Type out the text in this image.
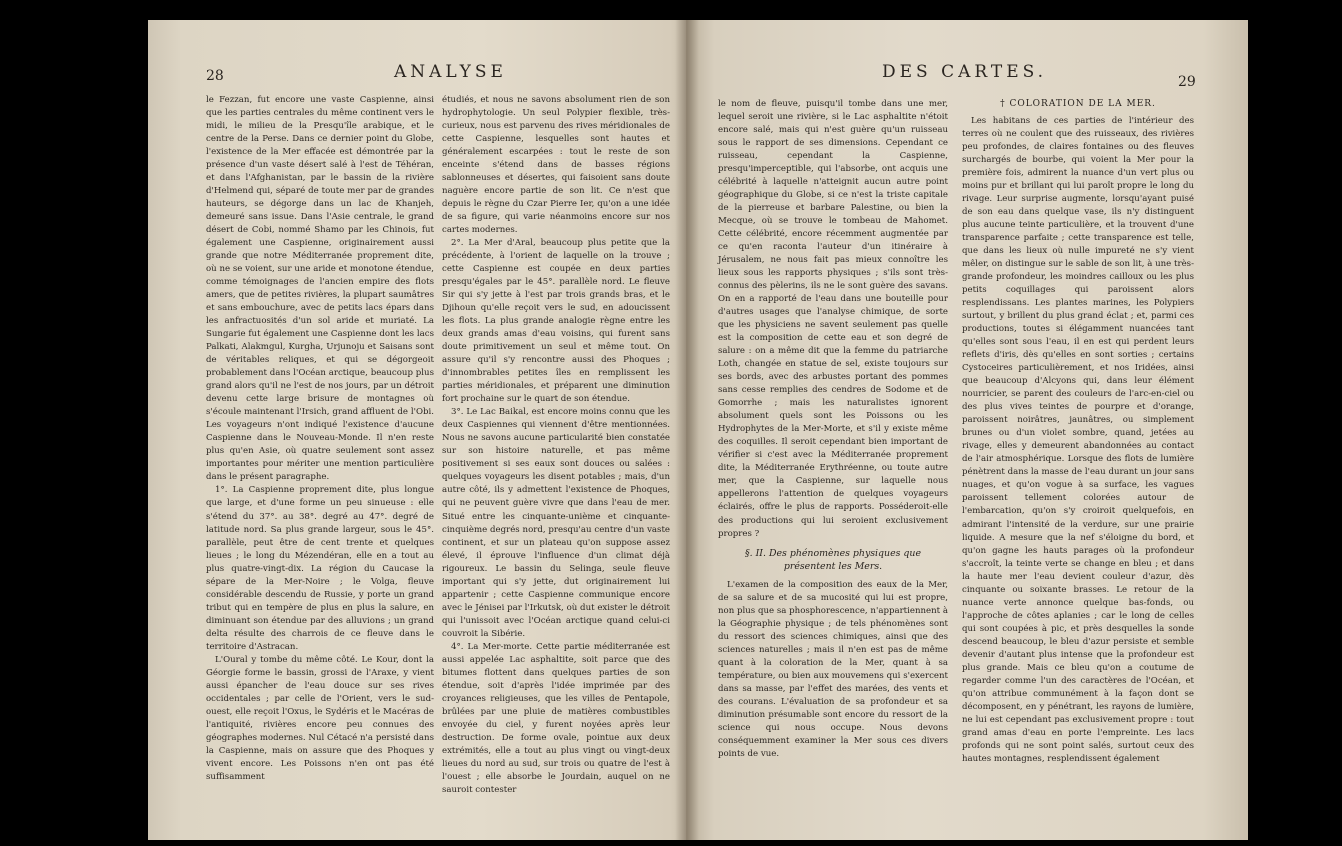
28	ANALYSE

le Fezzan, fut encore une vaste Caspienne, ainsi que les parties centrales du même continent vers le midi, le milieu de la Presqu'île arabique, et le centre de la Perse. Dans ce dernier point du Globe, l'existence de la Mer effacée est démontrée par la présence d'un vaste désert salé à l'est de Téhéran, et dans l'Afghanistan, par le bassin de la rivière d'Helmend qui, séparé de toute mer par de grandes hauteurs, se dégorge dans un lac de Khanjeh, demeuré sans issue. Dans l'Asie centrale, le grand désert de Cobi, nommé Shamo par les Chinois, fut également une Caspienne, originairement aussi grande que notre Méditerranée proprement dite, où ne se voient, sur une aride et monotone étendue, comme témoignages de l'ancien empire des flots amers, que de petites rivières, la plupart saumâtres et sans embouchure, avec de petits lacs épars dans les anfractuosités d'un sol aride et muriaté. La Sungarie fut également une Caspienne dont les lacs Palkati, Alakmgul, Kurgha, Urjunoju et Saisans sont de véritables reliques, et qui se dégorgeoit probablement dans l'Océan arctique, beaucoup plus grand alors qu'il ne l'est de nos jours, par un détroit devenu cette large brisure de montagnes où s'écoule maintenant l'Irsich, grand affluent de l'Obi. Les voyageurs n'ont indiqué l'existence d'aucune Caspienne dans le Nouveau-Monde. Il n'en reste plus qu'en Asie, où quatre seulement sont assez importantes pour mériter une mention particulière dans le présent paragraphe.

1°. La Caspienne proprement dite, plus longue que large, et d'une forme un peu sinueuse : elle s'étend du 37°. au 38°. degré au 47°. degré de latitude nord. Sa plus grande largeur, sous le 45°. parallèle, peut être de cent trente et quelques lieues ; le long du Mézendéran, elle en a tout au plus quatre-vingt-dix. La région du Caucase la sépare de la Mer-Noire ; le Volga, fleuve considérable descendu de Russie, y porte un grand tribut qui en tempère de plus en plus la salure, en diminuant son étendue par des alluvions ; un grand delta résulte des charrois de ce fleuve dans le territoire d'Astracan.

L'Oural y tombe du même côté. Le Kour, dont la Géorgie forme le bassin, grossi de l'Araxe, y vient aussi épancher de l'eau douce sur ses rives occidentales ; par celle de l'Orient, vers le sud-ouest, elle reçoit l'Oxus, le Sydéris et le Macéras de l'antiquité, rivières encore peu connues des géographes modernes. Nul Cétacé n'a persisté dans la Caspienne, mais on assure que des Phoques y vivent encore. Les Poissons n'en ont pas été suffisamment

étudiés, et nous ne savons absolument rien de son hydrophytologie. Un seul Polypier flexible, très-curieux, nous est parvenu des rives méridionales de cette Caspienne, lesquelles sont hautes et généralement escarpées : tout le reste de son enceinte s'étend dans de basses régions sablonneuses et désertes, qui faisoient sans doute naguère encore partie de son lit. Ce n'est que depuis le règne du Czar Pierre Ier, qu'on a une idée de sa figure, qui varie néanmoins encore sur nos cartes modernes.

2°. La Mer d'Aral, beaucoup plus petite que la précédente, à l'orient de laquelle on la trouve ; cette Caspienne est coupée en deux parties presqu'égales par le 45°. parallèle nord. Le fleuve Sir qui s'y jette à l'est par trois grands bras, et le Djihoun qu'elle reçoit vers le sud, en adoucissent les flots. La plus grande analogie règne entre les deux grands amas d'eau voisins, qui furent sans doute primitivement un seul et même tout. On assure qu'il s'y rencontre aussi des Phoques ; d'innombrables petites îles en remplissent les parties méridionales, et préparent une diminution fort prochaine sur le quart de son étendue.

3°. Le Lac Baikal, est encore moins connu que les deux Caspiennes qui viennent d'être mentionnées. Nous ne savons aucune particularité bien constatée sur son histoire naturelle, et pas même positivement si ses eaux sont douces ou salées : quelques voyageurs les disent potables ; mais, d'un autre côté, ils y admettent l'existence de Phoques, qui ne peuvent guère vivre que dans l'eau de mer. Situé entre les cinquante-unième et cinquante-cinquième degrés nord, presqu'au centre d'un vaste continent, et sur un plateau qu'on suppose assez élevé, il éprouve l'influence d'un climat déjà rigoureux. Le bassin du Selinga, seule fleuve important qui s'y jette, dut originairement lui appartenir ; cette Caspienne communique encore avec le Jénisei par l'Irkutsk, où dut exister le détroit qui l'unissoit avec l'Océan arctique quand celui-ci couvroit la Sibérie.

4°. La Mer-morte. Cette partie méditerranée est aussi appelée Lac asphaltite, soit parce que des bitumes flottent dans quelques parties de son étendue, soit d'après l'idée imprimée par des croyances religieuses, que les villes de Pentapole, brûlées par une pluie de matières combustibles envoyée du ciel, y furent noyées après leur destruction. De forme ovale, pointue aux deux extrémités, elle a tout au plus vingt ou vingt-deux lieues du nord au sud, sur trois ou quatre de l'est à l'ouest ; elle absorbe le Jourdain, auquel on ne sauroit contester

DES CARTES.	29

le nom de fleuve, puisqu'il tombe dans une mer, lequel seroit une rivière, si le Lac asphaltite n'étoit encore salé, mais qui n'est guère qu'un ruisseau sous le rapport de ses dimensions. Cependant ce ruisseau, cependant la Caspienne, presqu'imperceptible, qui l'absorbe, ont acquis une célébrité à laquelle n'atteignit aucun autre point géographique du Globe, si ce n'est la triste capitale de la pierreuse et barbare Palestine, ou bien la Mecque, où se trouve le tombeau de Mahomet. Cette célébrité, encore récemment augmentée par ce qu'en raconta l'auteur d'un itinéraire à Jérusalem, ne nous fait pas mieux connoître les lieux sous les rapports physiques ; s'ils sont très-connus des pèlerins, ils ne le sont guère des savans. On en a rapporté de l'eau dans une bouteille pour d'autres usages que l'analyse chimique, de sorte que les physiciens ne savent seulement pas quelle est la composition de cette eau et son degré de salure : on a même dit que la femme du patriarche Loth, changée en statue de sel, existe toujours sur ses bords, avec des arbustes portant des pommes sans cesse remplies des cendres de Sodome et de Gomorrhe ; mais les naturalistes ignorent absolument quels sont les Poissons ou les Hydrophytes de la Mer-Morte, et s'il y existe même des coquilles. Il seroit cependant bien important de vérifier si c'est avec la Méditerranée proprement dite, la Méditerranée Erythréenne, ou toute autre mer, que la Caspienne, sur laquelle nous appellerons l'attention de quelques voyageurs éclairés, offre le plus de rapports. Posséderoit-elle des productions qui lui seroient exclusivement propres ?

§. II. Des phénomènes physiques que présentent les Mers.

L'examen de la composition des eaux de la Mer, de sa salure et de sa mucosité qui lui est propre, non plus que sa phosphorescence, n'appartiennent à la Géographie physique ; de tels phénomènes sont du ressort des sciences chimiques, ainsi que des sciences naturelles ; mais il n'en est pas de même quant à la coloration de la Mer, quant à sa température, ou bien aux mouvemens qui s'exercent dans sa masse, par l'effet des marées, des vents et des courans. L'évaluation de sa profondeur et sa diminution présumable sont encore du ressort de la science qui nous occupe. Nous devons conséquemment examiner la Mer sous ces divers points de vue.

† COLORATION DE LA MER.

Les habitans de ces parties de l'intérieur des terres où ne coulent que des ruisseaux, des rivières peu profondes, de claires fontaines ou des fleuves surchargés de bourbe, qui voient la Mer pour la première fois, admirent la nuance d'un vert plus ou moins pur et brillant qui lui paroît propre le long du rivage. Leur surprise augmente, lorsqu'ayant puisé de son eau dans quelque vase, ils n'y distinguent plus aucune teinte particulière, et la trouvent d'une transparence parfaite ; cette transparence est telle, que dans les lieux où nulle impureté ne s'y vient mêler, on distingue sur le sable de son lit, à une très-grande profondeur, les moindres cailloux ou les plus petits coquillages qui paroissent alors resplendissans. Les plantes marines, les Polypiers surtout, y brillent du plus grand éclat ; et, parmi ces productions, toutes si élégamment nuancées tant qu'elles sont sous l'eau, il en est qui perdent leurs reflets d'iris, dès qu'elles en sont sorties ; certains Cystoceires particulièrement, et nos Iridées, ainsi que beaucoup d'Alcyons qui, dans leur élément nourricier, se parent des couleurs de l'arc-en-ciel ou des plus vives teintes de pourpre et d'orange, paroissent noirâtres, jaunâtres, ou simplement brunes ou d'un violet sombre, quand, jetées au rivage, elles y demeurent abandonnées au contact de l'air atmosphérique. Lorsque des flots de lumière pénètrent dans la masse de l'eau durant un jour sans nuages, et qu'on vogue à sa surface, les vagues paroissent tellement colorées autour de l'embarcation, qu'on s'y croiroit quelquefois, en admirant l'intensité de la verdure, sur une prairie liquide. A mesure que la nef s'éloigne du bord, et qu'on gagne les hauts parages où la profondeur s'accroît, la teinte verte se change en bleu ; et dans la haute mer l'eau devient couleur d'azur, dès cinquante ou soixante brasses. Le retour de la nuance verte annonce quelque bas-fonds, ou l'approche de côtes aplanies ; car le long de celles qui sont coupées à pic, et près desquelles la sonde descend beaucoup, le bleu d'azur persiste et semble devenir d'autant plus intense que la profondeur est plus grande. Mais ce bleu qu'on a coutume de regarder comme l'un des caractères de l'Océan, et qu'on attribue communément à la façon dont se décomposent, en y pénétrant, les rayons de lumière, ne lui est cependant pas exclusivement propre : tout grand amas d'eau en porte l'empreinte. Les lacs profonds qui ne sont point salés, surtout ceux des hautes montagnes, resplendissent également
